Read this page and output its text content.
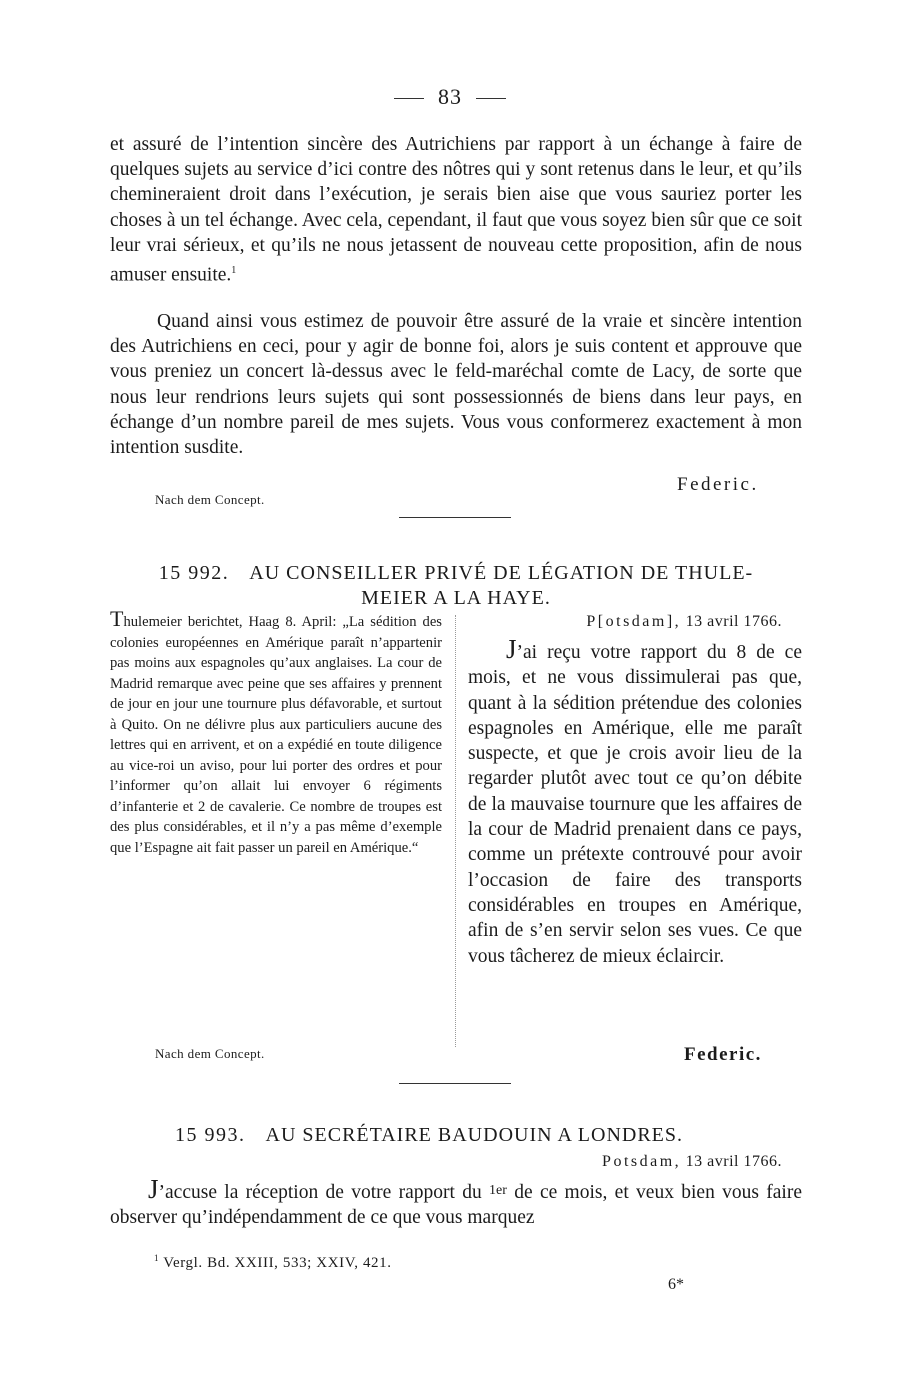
83

et assuré de l’intention sincère des Autrichiens par rapport à un échange à faire de quelques sujets au service d’ici contre des nôtres qui y sont retenus dans le leur, et qu’ils chemineraient droit dans l’exécution, je serais bien aise que vous sauriez porter les choses à un tel échange. Avec cela, cependant, il faut que vous soyez bien sûr que ce soit leur vrai sérieux, et qu’ils ne nous jetassent de nouveau cette proposition, afin de nous amuser ensuite.$^1$

Quand ainsi vous estimez de pouvoir être assuré de la vraie et sincère intention des Autrichiens en ceci, pour y agir de bonne foi, alors je suis content et approuve que vous preniez un concert là-dessus avec le feld-maréchal comte de Lacy, de sorte que nous leur rendrions leurs sujets qui sont possessionnés de biens dans leur pays, en échange d’un nombre pareil de mes sujets. Vous vous conformerez exactement à mon intention susdite.

Federic.
Nach dem Concept.
15 992. AU CONSEILLER PRIVÉ DE LÉGATION DE THULE-
MEIER A LA HAYE.

Thulemeier berichtet, Haag 8. April: „La sédition des colonies européennes en Amérique paraît n’appartenir pas moins aux espagnoles qu’aux anglaises. La cour de Madrid remarque avec peine que ses affaires y prennent de jour en jour une tournure plus défavorable, et surtout à Quito. On ne délivre plus aux particuliers aucune des lettres qui en arrivent, et on a expédié en toute diligence au vice-roi un aviso, pour lui porter des ordres et pour l’informer qu’on allait lui envoyer 6 régiments d’infanterie et 2 de cavalerie. Ce nombre de troupes est des plus considérables, et il n’y a pas même d’exemple que l’Espagne ait fait passer un pareil en Amérique.“

P[otsdam], 13 avril 1766.

J’ai reçu votre rapport du 8 de ce mois, et ne vous dissimulerai pas que, quant à la sédition prétendue des colonies espagnoles en Amérique, elle me paraît suspecte, et que je crois avoir lieu de la regarder plutôt avec tout ce qu’on débite de la mauvaise tournure que les affaires de la cour de Madrid prenaient dans ce pays, comme un prétexte controuvé pour avoir l’occasion de faire des transports considérables en troupes en Amérique, afin de s’en servir selon ses vues. Ce que vous tâcherez de mieux éclaircir.

Nach dem Concept.	Federic.
15 993. AU SECRÉTAIRE BAUDOUIN A LONDRES.
Potsdam, 13 avril 1766.

J’accuse la réception de votre rapport du $^{1er}$ de ce mois, et veux bien vous faire observer qu’indépendamment de ce que vous marquez

$^1$ Vergl. Bd. XXIII, 533; XXIV, 421.
6*
